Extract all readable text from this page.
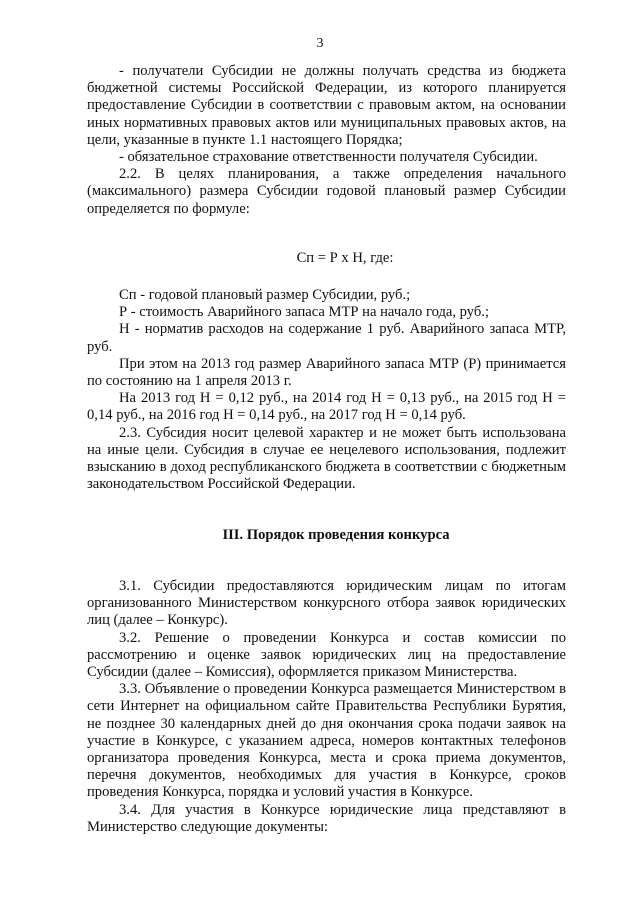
3

- получатели Субсидии не должны получать средства из бюджета бюджетной системы Российской Федерации, из которого планируется предоставление Субсидии в соответствии с правовым актом, на основании иных нормативных правовых актов или муниципальных правовых актов, на цели, указанные в пункте 1.1 настоящего Порядка;

- обязательное страхование ответственности получателя Субсидии.

2.2. В целях планирования, а также определения начального (максимального) размера Субсидии годовой плановый размер Субсидии определяется по формуле:

Сп = Р х Н, где:

Сп - годовой плановый размер Субсидии, руб.;

Р - стоимость Аварийного запаса МТР на начало года, руб.;

Н - норматив расходов на содержание 1 руб. Аварийного запаса МТР, руб.

При этом на 2013 год размер Аварийного запаса МТР (Р) принимается по состоянию на 1 апреля 2013 г.

На 2013 год Н = 0,12 руб., на 2014 год Н = 0,13 руб., на 2015 год Н = 0,14 руб., на 2016 год Н = 0,14 руб., на 2017 год Н = 0,14 руб.

2.3. Субсидия носит целевой характер и не может быть использована на иные цели. Субсидия в случае ее нецелевого использования, подлежит взысканию в доход республиканского бюджета в соответствии с бюджетным законодательством Российской Федерации.

III. Порядок проведения конкурса

3.1. Субсидии предоставляются юридическим лицам по итогам организованного Министерством конкурсного отбора заявок юридических лиц (далее – Конкурс).

3.2. Решение о проведении Конкурса и состав комиссии по рассмотрению и оценке заявок юридических лиц на предоставление Субсидии (далее – Комиссия), оформляется приказом Министерства.

3.3. Объявление о проведении Конкурса размещается Министерством в сети Интернет на официальном сайте Правительства Республики Бурятия, не позднее 30 календарных дней до дня окончания срока подачи заявок на участие в Конкурсе, с указанием адреса, номеров контактных телефонов организатора проведения Конкурса, места и срока приема документов, перечня документов, необходимых для участия в Конкурсе, сроков проведения Конкурса, порядка и условий участия в Конкурсе.

3.4. Для участия в Конкурсе юридические лица представляют в Министерство следующие документы:
